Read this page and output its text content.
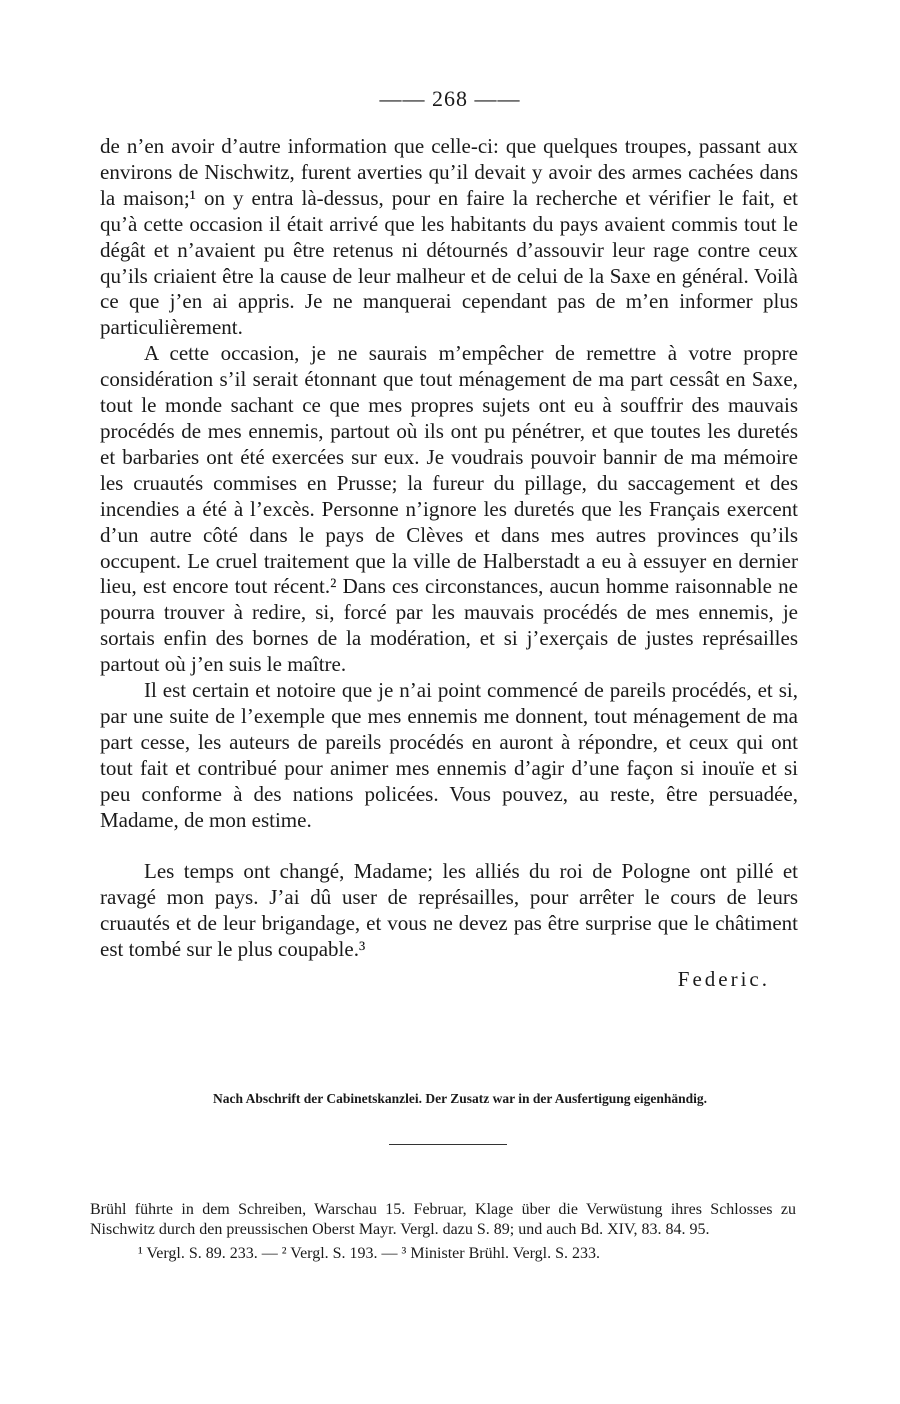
—— 268 ——

de n’en avoir d’autre information que celle-ci: que quelques troupes, passant aux environs de Nischwitz, furent averties qu’il devait y avoir des armes cachées dans la maison;¹ on y entra là-dessus, pour en faire la recherche et vérifier le fait, et qu’à cette occasion il était arrivé que les habitants du pays avaient commis tout le dégât et n’avaient pu être retenus ni détournés d’assouvir leur rage contre ceux qu’ils criaient être la cause de leur malheur et de celui de la Saxe en général. Voilà ce que j’en ai appris. Je ne manquerai cependant pas de m’en informer plus particulièrement.

A cette occasion, je ne saurais m’empêcher de remettre à votre propre considération s’il serait étonnant que tout ménagement de ma part cessât en Saxe, tout le monde sachant ce que mes propres sujets ont eu à souffrir des mauvais procédés de mes ennemis, partout où ils ont pu pénétrer, et que toutes les duretés et barbaries ont été exercées sur eux. Je voudrais pouvoir bannir de ma mémoire les cruautés commises en Prusse; la fureur du pillage, du saccagement et des incendies a été à l’excès. Personne n’ignore les duretés que les Français exercent d’un autre côté dans le pays de Clèves et dans mes autres provinces qu’ils occupent. Le cruel traitement que la ville de Halberstadt a eu à essuyer en dernier lieu, est encore tout récent.² Dans ces circonstances, aucun homme raisonnable ne pourra trouver à redire, si, forcé par les mauvais procédés de mes ennemis, je sortais enfin des bornes de la modération, et si j’exerçais de justes représailles partout où j’en suis le maître.

Il est certain et notoire que je n’ai point commencé de pareils procédés, et si, par une suite de l’exemple que mes ennemis me donnent, tout ménagement de ma part cesse, les auteurs de pareils procédés en auront à répondre, et ceux qui ont tout fait et contribué pour animer mes ennemis d’agir d’une façon si inouïe et si peu conforme à des nations policées. Vous pouvez, au reste, être persuadée, Madame, de mon estime.

Les temps ont changé, Madame; les alliés du roi de Pologne ont pillé et ravagé mon pays. J’ai dû user de représailles, pour arrêter le cours de leurs cruautés et de leur brigandage, et vous ne devez pas être surprise que le châtiment est tombé sur le plus coupable.³

Federic.
Nach Abschrift der Cabinetskanzlei. Der Zusatz war in der Ausfertigung eigenhändig.

Brühl führte in dem Schreiben, Warschau 15. Februar, Klage über die Verwüstung ihres Schlosses zu Nischwitz durch den preussischen Oberst Mayr. Vergl. dazu S. 89; und auch Bd. XIV, 83. 84. 95.

¹ Vergl. S. 89. 233. — ² Vergl. S. 193. — ³ Minister Brühl. Vergl. S. 233.
